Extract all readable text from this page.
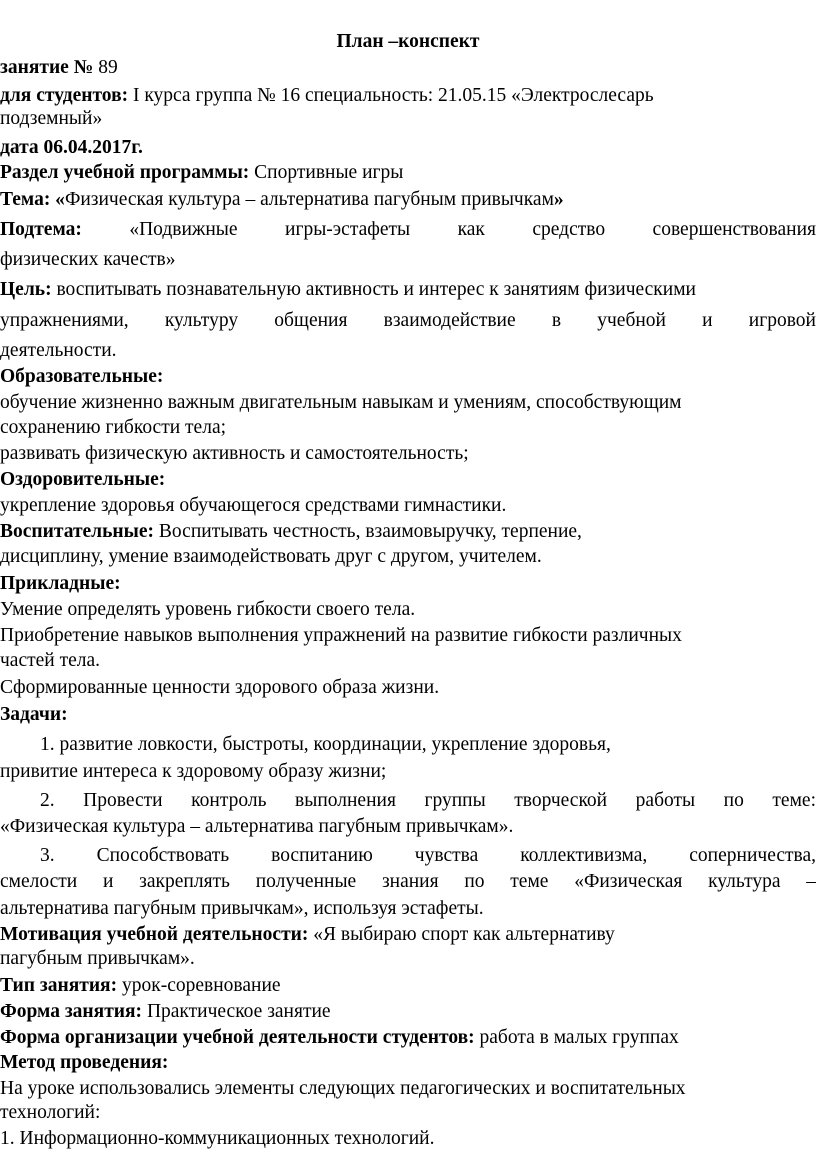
План –конспект
занятие № 89
для студентов: I курса группа № 16 специальность: 21.05.15 «Электрослесарь
подземный»
дата 06.04.2017г.
Раздел учебной программы: Спортивные игры
Тема: «Физическая культура – альтернатива пагубным привычкам»
Подтема: «Подвижные игры-эстафеты как средство совершенствования
физических качеств»
Цель: воспитывать познавательную активность и интерес к занятиям физическими
упражнениями, культуру общения взаимодействие в учебной и игровой
деятельности.
Образовательные:
обучение жизненно важным двигательным навыкам и умениям, способствующим
сохранению гибкости тела;
развивать физическую активность и самостоятельность;
Оздоровительные:
укрепление здоровья обучающегося средствами гимнастики.
Воспитательные: Воспитывать честность, взаимовыручку, терпение,
дисциплину, умение взаимодействовать друг с другом, учителем.
Прикладные:
Умение определять уровень гибкости своего тела.
Приобретение навыков выполнения упражнений на развитие гибкости различных
частей тела.
Сформированные ценности здорового образа жизни.
Задачи:
1. развитие ловкости, быстроты, координации, укрепление здоровья,
привитие интереса к здоровому образу жизни;
2. Провести контроль выполнения группы творческой работы по теме:
«Физическая культура – альтернатива пагубным привычкам».
3. Способствовать воспитанию чувства коллективизма, соперничества,
смелости и закреплять полученные знания по теме «Физическая культура –
альтернатива пагубным привычкам», используя эстафеты.
Мотивация учебной деятельности: «Я выбираю спорт как альтернативу
пагубным привычкам».
Тип занятия: урок-соревнование
Форма занятия: Практическое занятие
Форма организации учебной деятельности студентов: работа в малых группах
Метод проведения:
На уроке использовались элементы следующих педагогических и воспитательных
технологий:
1. Информационно-коммуникационных технологий.
